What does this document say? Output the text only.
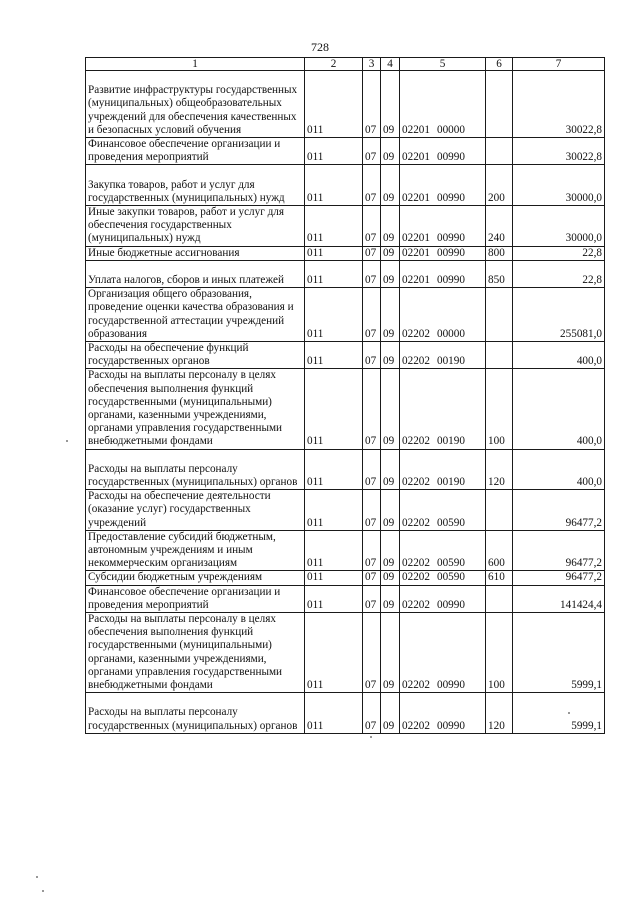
728
1	2	3	4	5	6	7
Развитие инфраструктуры государственных (муниципальных) общеобразовательных учреждений для обеспечения качественных и безопасных условий обучения	011	07	09	02201 00000		30022,8
Финансовое обеспечение организации и проведения мероприятий	011	07	09	02201 00990		30022,8
Закупка товаров, работ и услуг для государственных (муниципальных) нужд	011	07	09	02201 00990	200	30000,0
Иные закупки товаров, работ и услуг для обеспечения государственных (муниципальных) нужд	011	07	09	02201 00990	240	30000,0
Иные бюджетные ассигнования	011	07	09	02201 00990	800	22,8
Уплата налогов, сборов и иных платежей	011	07	09	02201 00990	850	22,8
Организация общего образования, проведение оценки качества образования и государственной аттестации учреждений образования	011	07	09	02202 00000		255081,0
Расходы на обеспечение функций государственных органов	011	07	09	02202 00190		400,0
Расходы на выплаты персоналу в целях обеспечения выполнения функций государственными (муниципальными) органами, казенными учреждениями, органами управления государственными внебюджетными фондами	011	07	09	02202 00190	100	400,0
Расходы на выплаты персоналу государственных (муниципальных) органов	011	07	09	02202 00190	120	400,0
Расходы на обеспечение деятельности (оказание услуг) государственных учреждений	011	07	09	02202 00590		96477,2
Предоставление субсидий бюджетным, автономным учреждениям и иным некоммерческим организациям	011	07	09	02202 00590	600	96477,2
Субсидии бюджетным учреждениям	011	07	09	02202 00590	610	96477,2
Финансовое обеспечение организации и проведения мероприятий	011	07	09	02202 00990		141424,4
Расходы на выплаты персоналу в целях обеспечения выполнения функций государственными (муниципальными) органами, казенными учреждениями, органами управления государственными внебюджетными фондами	011	07	09	02202 00990	100	5999,1
Расходы на выплаты персоналу государственных (муниципальных) органов	011	07	09	02202 00990	120	5999,1
